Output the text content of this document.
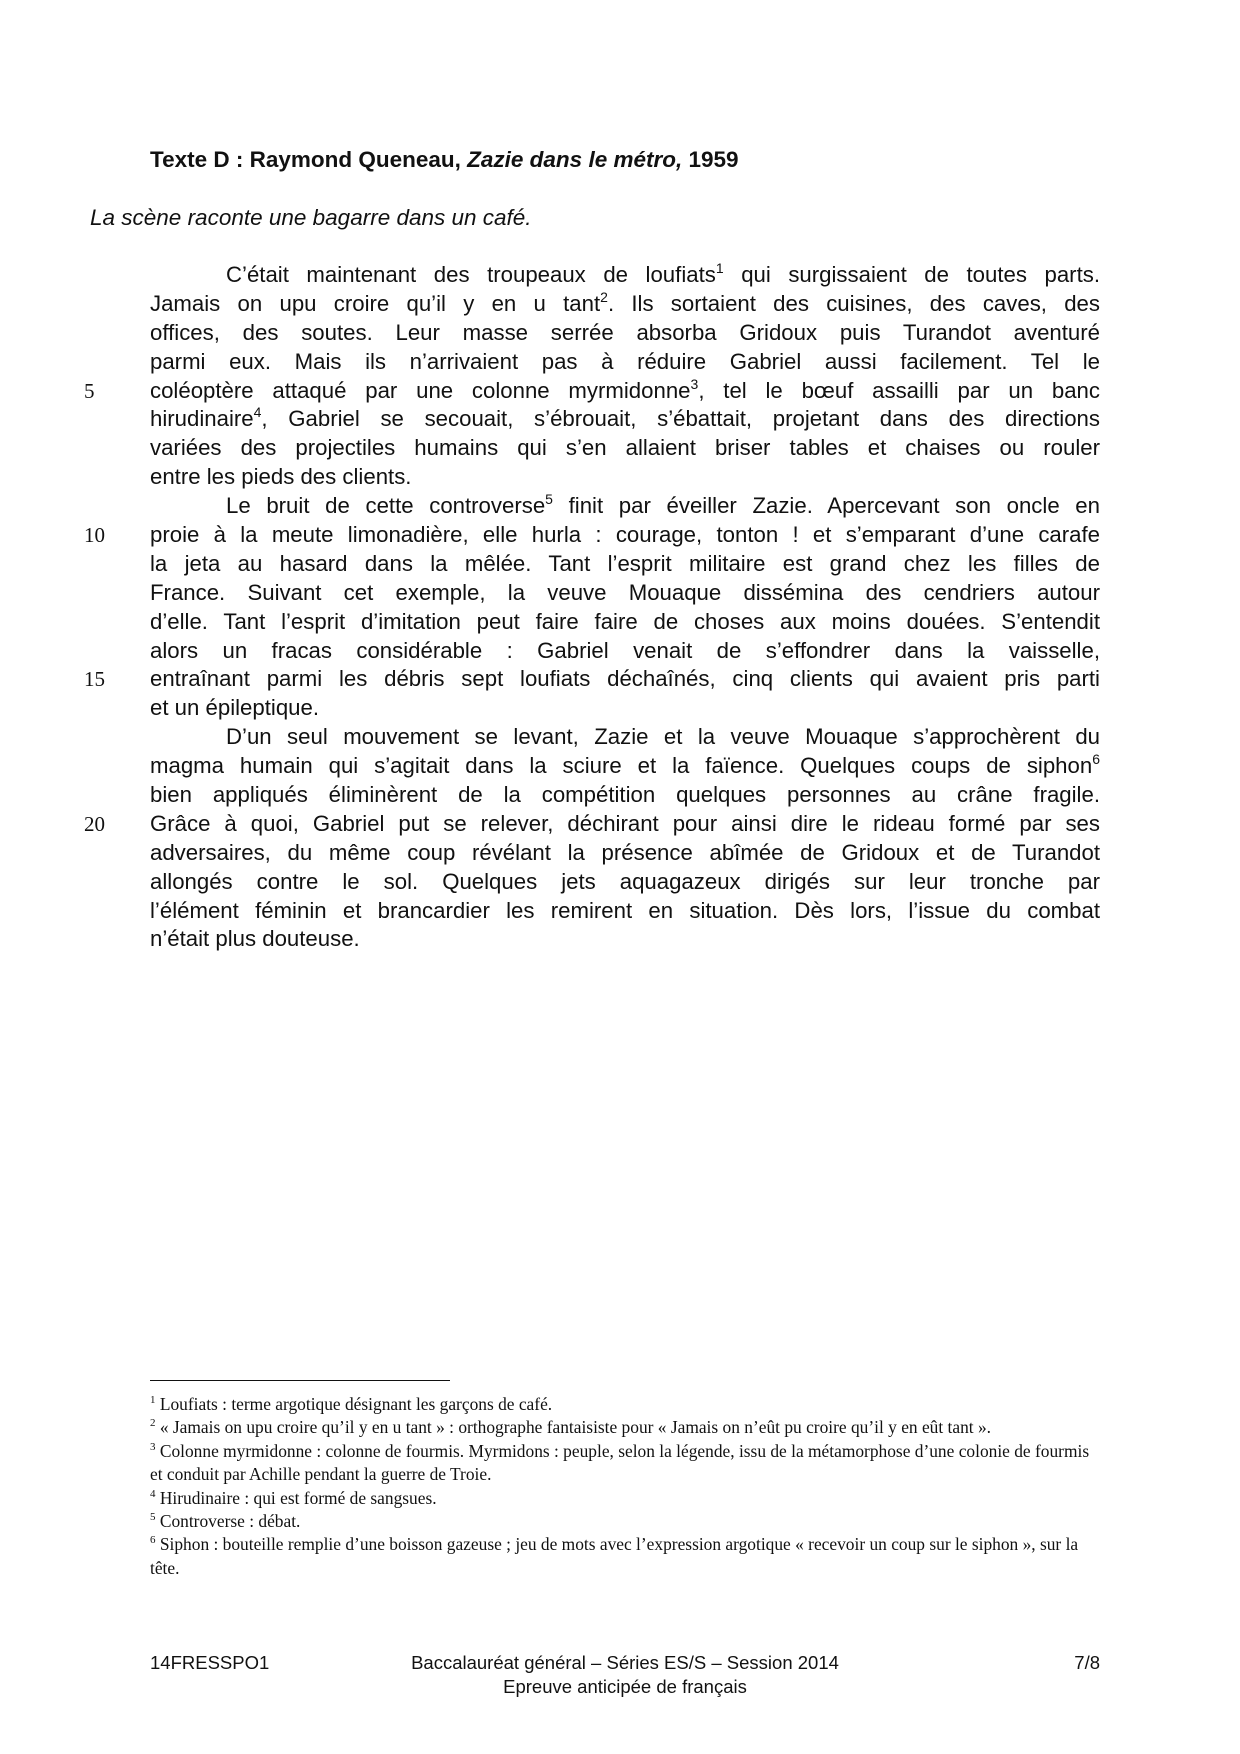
Texte D : Raymond Queneau, Zazie dans le métro, 1959
La scène raconte une bagarre dans un café.
C’était maintenant des troupeaux de loufiats$^1$ qui surgissaient de toutes parts.
Jamais on upu croire qu’il y en u tant$^2$. Ils sortaient des cuisines, des caves, des
offices, des soutes. Leur masse serrée absorba Gridoux puis Turandot aventuré
parmi eux. Mais ils n’arrivaient pas à réduire Gabriel aussi facilement. Tel le
5	coléoptère attaqué par une colonne myrmidonne$^3$, tel le bœuf assailli par un banc
hirudinaire$^4$, Gabriel se secouait, s’ébrouait, s’ébattait, projetant dans des directions
variées des projectiles humains qui s’en allaient briser tables et chaises ou rouler
entre les pieds des clients.
Le bruit de cette controverse$^5$ finit par éveiller Zazie. Apercevant son oncle en
10	proie à la meute limonadière, elle hurla : courage, tonton ! et s’emparant d’une carafe
la jeta au hasard dans la mêlée. Tant l’esprit militaire est grand chez les filles de
France. Suivant cet exemple, la veuve Mouaque dissémina des cendriers autour
d’elle. Tant l’esprit d’imitation peut faire faire de choses aux moins douées. S’entendit
alors un fracas considérable : Gabriel venait de s’effondrer dans la vaisselle,
15	entraînant parmi les débris sept loufiats déchaînés, cinq clients qui avaient pris parti
et un épileptique.
D’un seul mouvement se levant, Zazie et la veuve Mouaque s’approchèrent du
magma humain qui s’agitait dans la sciure et la faïence. Quelques coups de siphon$^6$
bien appliqués éliminèrent de la compétition quelques personnes au crâne fragile.
20	Grâce à quoi, Gabriel put se relever, déchirant pour ainsi dire le rideau formé par ses
adversaires, du même coup révélant la présence abîmée de Gridoux et de Turandot
allongés contre le sol. Quelques jets aquagazeux dirigés sur leur tronche par
l’élément féminin et brancardier les remirent en situation. Dès lors, l’issue du combat
n’était plus douteuse.
$^1$ Loufiats : terme argotique désignant les garçons de café.
$^2$ « Jamais on upu croire qu’il y en u tant » : orthographe fantaisiste pour « Jamais on n’eût pu croire qu’il y en eût tant ».
$^3$ Colonne myrmidonne : colonne de fourmis. Myrmidons : peuple, selon la légende, issu de la métamorphose d’une colonie de fourmis et conduit par Achille pendant la guerre de Troie.
$^4$ Hirudinaire : qui est formé de sangsues.
$^5$ Controverse : débat.
$^6$ Siphon : bouteille remplie d’une boisson gazeuse ; jeu de mots avec l’expression argotique « recevoir un coup sur le siphon », sur la tête.
14FRESSPO1	Baccalauréat général – Séries ES/S – Session 2014
Epreuve anticipée de français
7/8
